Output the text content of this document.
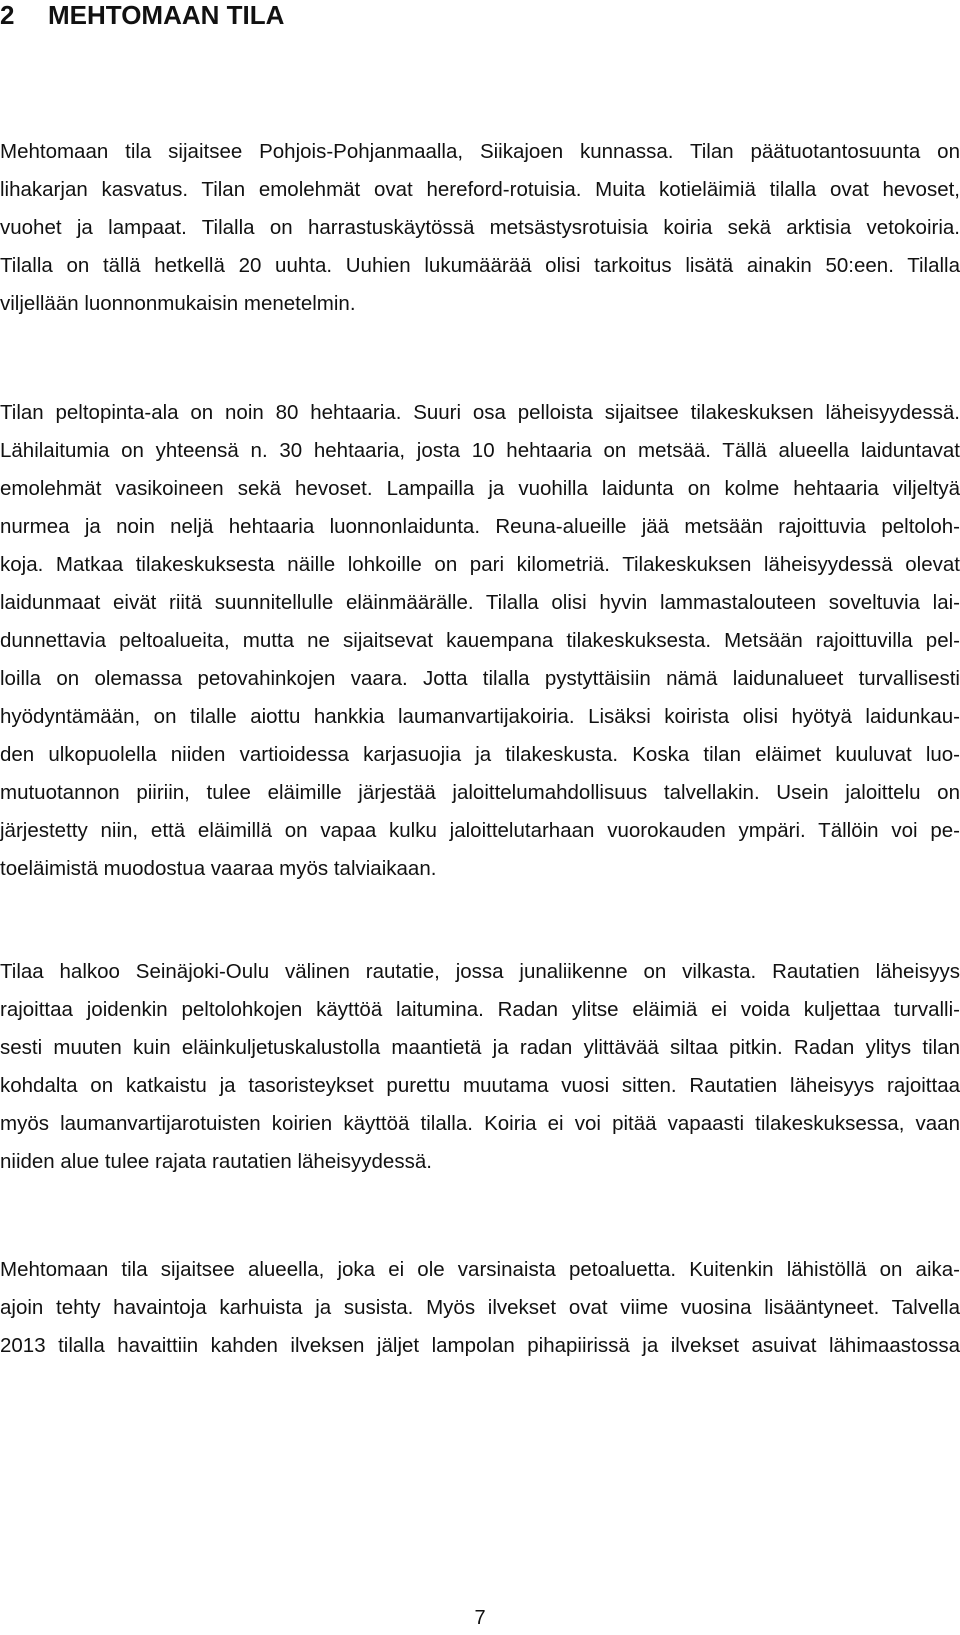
2 MEHTOMAAN TILA
Mehtomaan tila sijaitsee Pohjois-Pohjanmaalla, Siikajoen kunnassa. Tilan päätuotantosuunta on
lihakarjan kasvatus. Tilan emolehmät ovat hereford-rotuisia. Muita kotieläimiä tilalla ovat hevoset,
vuohet ja lampaat. Tilalla on harrastuskäytössä metsästysrotuisia koiria sekä arktisia vetokoiria.
Tilalla on tällä hetkellä 20 uuhta. Uuhien lukumäärää olisi tarkoitus lisätä ainakin 50:een. Tilalla
viljellään luonnonmukaisin menetelmin.
Tilan peltopinta-ala on noin 80 hehtaaria. Suuri osa pelloista sijaitsee tilakeskuksen läheisyydessä.
Lähilaitumia on yhteensä n. 30 hehtaaria, josta 10 hehtaaria on metsää. Tällä alueella laiduntavat
emolehmät vasikoineen sekä hevoset. Lampailla ja vuohilla laidunta on kolme hehtaaria viljeltyä
nurmea ja noin neljä hehtaaria luonnonlaidunta. Reuna-alueille jää metsään rajoittuvia peltoloh-
koja. Matkaa tilakeskuksesta näille lohkoille on pari kilometriä. Tilakeskuksen läheisyydessä olevat
laidunmaat eivät riitä suunnitellulle eläinmäärälle. Tilalla olisi hyvin lammastalouteen soveltuvia lai-
dunnettavia peltoalueita, mutta ne sijaitsevat kauempana tilakeskuksesta. Metsään rajoittuvilla pel-
loilla on olemassa petovahinkojen vaara. Jotta tilalla pystyttäisiin nämä laidunalueet turvallisesti
hyödyntämään, on tilalle aiottu hankkia laumanvartijakoiria. Lisäksi koirista olisi hyötyä laidunkau-
den ulkopuolella niiden vartioidessa karjasuojia ja tilakeskusta. Koska tilan eläimet kuuluvat luo-
mutuotannon piiriin, tulee eläimille järjestää jaloittelumahdollisuus talvellakin. Usein jaloittelu on
järjestetty niin, että eläimillä on vapaa kulku jaloittelutarhaan vuorokauden ympäri. Tällöin voi pe-
toeläimistä muodostua vaaraa myös talviaikaan.
Tilaa halkoo Seinäjoki-Oulu välinen rautatie, jossa junaliikenne on vilkasta. Rautatien läheisyys
rajoittaa joidenkin peltolohkojen käyttöä laitumina. Radan ylitse eläimiä ei voida kuljettaa turvalli-
sesti muuten kuin eläinkuljetuskalustolla maantietä ja radan ylittävää siltaa pitkin. Radan ylitys tilan
kohdalta on katkaistu ja tasoristeykset purettu muutama vuosi sitten. Rautatien läheisyys rajoittaa
myös laumanvartijarotuisten koirien käyttöä tilalla. Koiria ei voi pitää vapaasti tilakeskuksessa, vaan
niiden alue tulee rajata rautatien läheisyydessä.
Mehtomaan tila sijaitsee alueella, joka ei ole varsinaista petoaluetta. Kuitenkin lähistöllä on aika-
ajoin tehty havaintoja karhuista ja susista. Myös ilvekset ovat viime vuosina lisääntyneet. Talvella
2013 tilalla havaittiin kahden ilveksen jäljet lampolan pihapiirissä ja ilvekset asuivat lähimaastossa
7
